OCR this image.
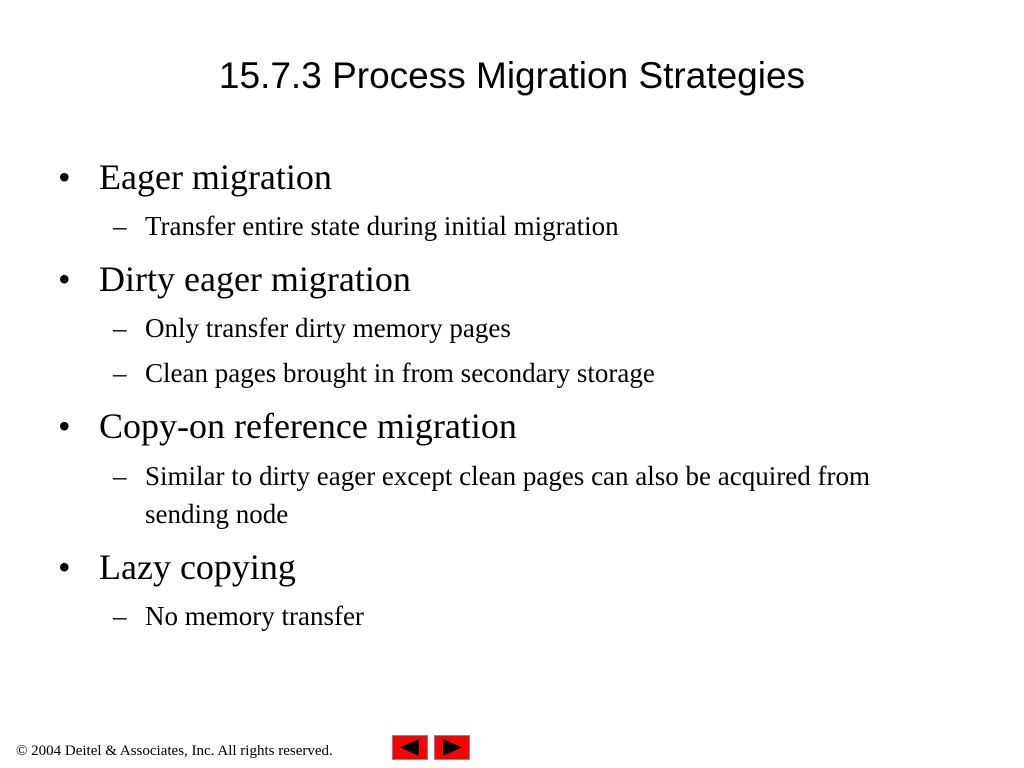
15.7.3 Process Migration Strategies
• Eager migration
– Transfer entire state during initial migration
• Dirty eager migration
– Only transfer dirty memory pages
– Clean pages brought in from secondary storage
• Copy-on reference migration
– Similar to dirty eager except clean pages can also be acquired from sending node
• Lazy copying
– No memory transfer
© 2004 Deitel & Associates, Inc. All rights reserved.
